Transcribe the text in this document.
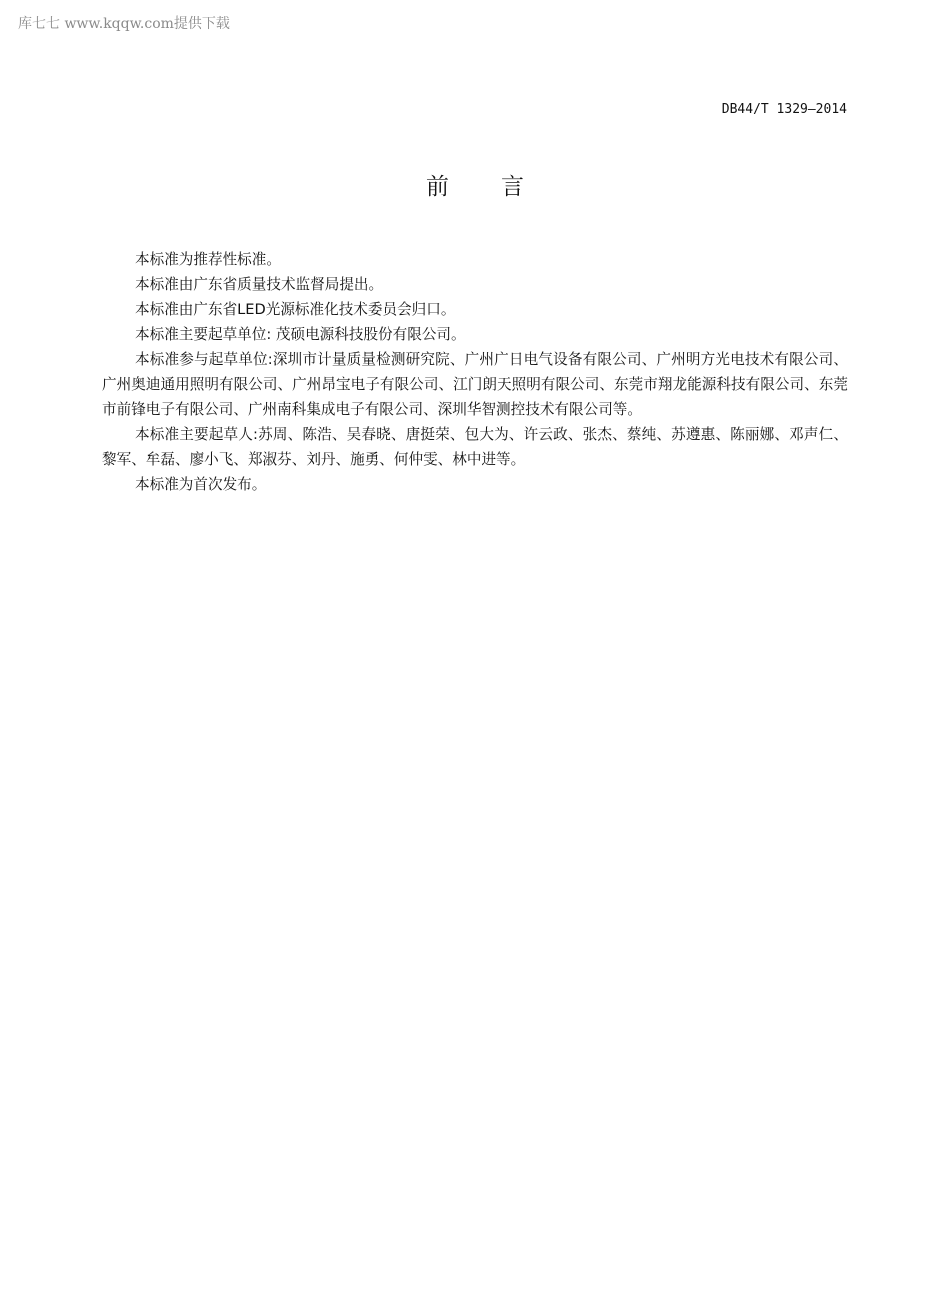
库七七 www.kqqw.com提供下载
DB44/T 1329—2014
前言

本标准为推荐性标准。

本标准由广东省质量技术监督局提出。

本标准由广东省LED光源标准化技术委员会归口。

本标准主要起草单位: 茂硕电源科技股份有限公司。

本标准参与起草单位:深圳市计量质量检测研究院、广州广日电气设备有限公司、广州明方光电技术有限公司、广州奥迪通用照明有限公司、广州昂宝电子有限公司、江门朗天照明有限公司、东莞市翔龙能源科技有限公司、东莞市前锋电子有限公司、广州南科集成电子有限公司、深圳华智测控技术有限公司等。

本标准主要起草人:苏周、陈浩、吴春晓、唐挺荣、包大为、许云政、张杰、蔡纯、苏遵惠、陈丽娜、邓声仁、黎军、牟磊、廖小飞、郑淑芬、刘丹、施勇、何仲雯、林中进等。

本标准为首次发布。
